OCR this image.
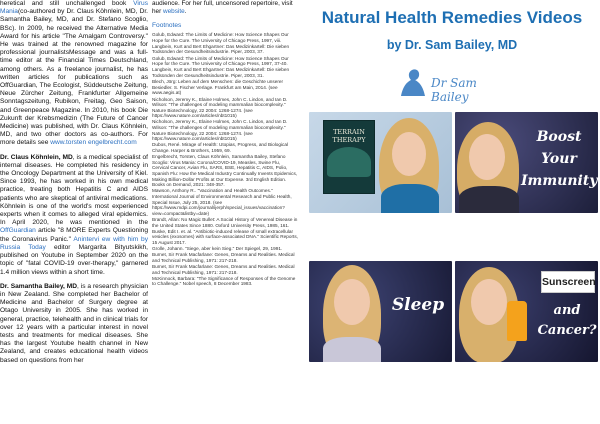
heretical and still unchallenged book Virus Mania(co-authored by Dr. Claus Köhnlein, MD, Dr. Samantha Bailey, MD, and Dr. Stefano Scoglio, BSc). In 2009, he received the Alternative Media Award for his article "The Amalgam Controversy." He was trained at the renowned magazine for professional journalistsMessage and was a full-time editor at the Financial Times Deutschland, among others. As a freelance journalist, he has written articles for publications such as OffGuardian, The Ecologist, Süddeutsche Zeitung, Neue Zürcher Zeitung, Frankfurter Allgemeine Sonntagszeitung, Rubikon, Freitag, Geo Saison, and Greenpeace Magazine. In 2010, his book Die Zukunft der Krebsmedizin (The Future of Cancer Medicine) was published, with Dr. Claus Köhnlein, MD, and two other doctors as co-authors. For more details see www.torsten engelbrecht.com

Dr. Claus Köhnlein, MD, is a medical specialist of internal diseases. He completed his residency in the Oncology Department at the University of Kiel. Since 1993, he has worked in his own medical practice, treating both Hepatitis C and AIDS patients who are skeptical of antiviral medications. Köhnlein is one of the world's most experienced experts when it comes to alleged viral epidemics. In April 2020, he was mentioned in the OffGuardian article "8 MORE Experts Questioning the Coronavirus Panic." Anintervi ew with him by Russia Today editor Margarita Bityutskikh, published on Youtube in September 2020 on the topic of "fatal COVID-19 over-therapy," garnered 1.4 million views within a short time.

Dr. Samantha Bailey, MD, is a research physician in New Zealand. She completed her Bachelor of Medicine and Bachelor of Surgery degree at Otago University in 2005. She has worked in general, practice, telehealth and in clinical trials for over 12 years with a particular interest in novel tests and treatments for medical diseases. She has the largest Youtube health channel in New Zealand, and creates educational health videos based on questions from her

audience. For her full, uncensored repertoire, visit her website.
Footnotes
Golub, Edward: The Limits of Medicine: How Science Shapes Our Hope for the Cure. The University of Chicago Press, 1997, viii.
Langbein, Kurt and Bert Ehgartner: Das Medizinkartell: Die sieben Todsünden der Gesundheitsindustrie. Piper, 2003, 37.
Golub, Edward: The Limits of Medicine: How Science Shapes Our Hope for the Cure. The University of Chicago Press, 1997, 37-40.
Langbein, Kurt and Bert Ehgartner: Das Medizinkartell: Die sieben Todsünden der Gesundheitsindustrie. Piper, 2003, 31.
Blech, Jörg: Leben auf dem Menschen: die Geschichte unserer Besiedler. S. Fischer Verlage. Frankfurt am Main, 2014. (see www.aegis.at)
Nicholson, Jeremy K., Elaine Holmes, John C. Lindon, and Ian D. Wilson: "The challenges of modeling mammalian biocomplexity." Nature Biotechnology, 22 2004: 1268-1274. (see https://www.nature.com/articles/nbt1015)
Nicholson, Jeremy K., Elaine Holmes, John C. Lindon, and Ian D. Wilson: "The challenges of modeling mammalian biocomplexity." Nature Biotechnology, 22 2004: 1268-1274. (see https://www.nature.com/articles/nbt1015)
Dubos, René. Mirage of Health: Utopias, Progress, and Biological Change. Harper & Brothers, 1959, 69.
Engelbrecht, Torsten, Claus Köhnlein, Samantha Bailey, Stefano Scoglio: Virus Mania: Corona/COVID-19, Measles, Swine Flu, Cervical Cancer, Avian Flu, SARS, BSE, Hepatitis C, AIDS, Polio, Spanish Flu: How the Medical Industry Continually Invents Epidemics, Making Billion-Dollar Profits at Our Expense. 3rd English Edition. Books on Demand, 2021: 348-357.
Mawson, Anthony R.. "Vaccination and Health Outcomes." International Journal of Environmental Research and Public Health, Special Issue, July 25, 2018. (see https://www.mdpi.com/journal/ijerph/special_issues/vaccination?view=compact&listby=date)
Brandt, Allan: No Magic Bullet: A Social History of Venereal Disease in the United States Since 1880. Oxford University Press, 1985, 161.
Buske, Edit I. et. al. "Antibiotic-induced release of small extracellular vesicles (exosomes) with surface-associated DNA." Scientific Reports, 15 August 2017.
Grolle, Johann. "Siege, aber kein Sieg." Der Spiegel, 29, 1991.
Burnet, Sir Frank Macfarlane: Genes, Dreams and Realities. Medical and Technical Publishing, 1971: 217-218.
Burnet, Sir Frank Macfarlane: Genes, Dreams and Realities. Medical and Technical Publishing, 1971: 217-218.
McKinnock, Barbara: "The Significance of Responses of the Genome to Challenge." Nobel speech, 8 December 1983.
Natural Health Remedies Videos
by Dr. Sam Bailey, MD
Dr Sam Bailey
TERRAIN THERAPY	Boost
Your
Immunity
Sleep
Sunscreen
and
Cancer?
